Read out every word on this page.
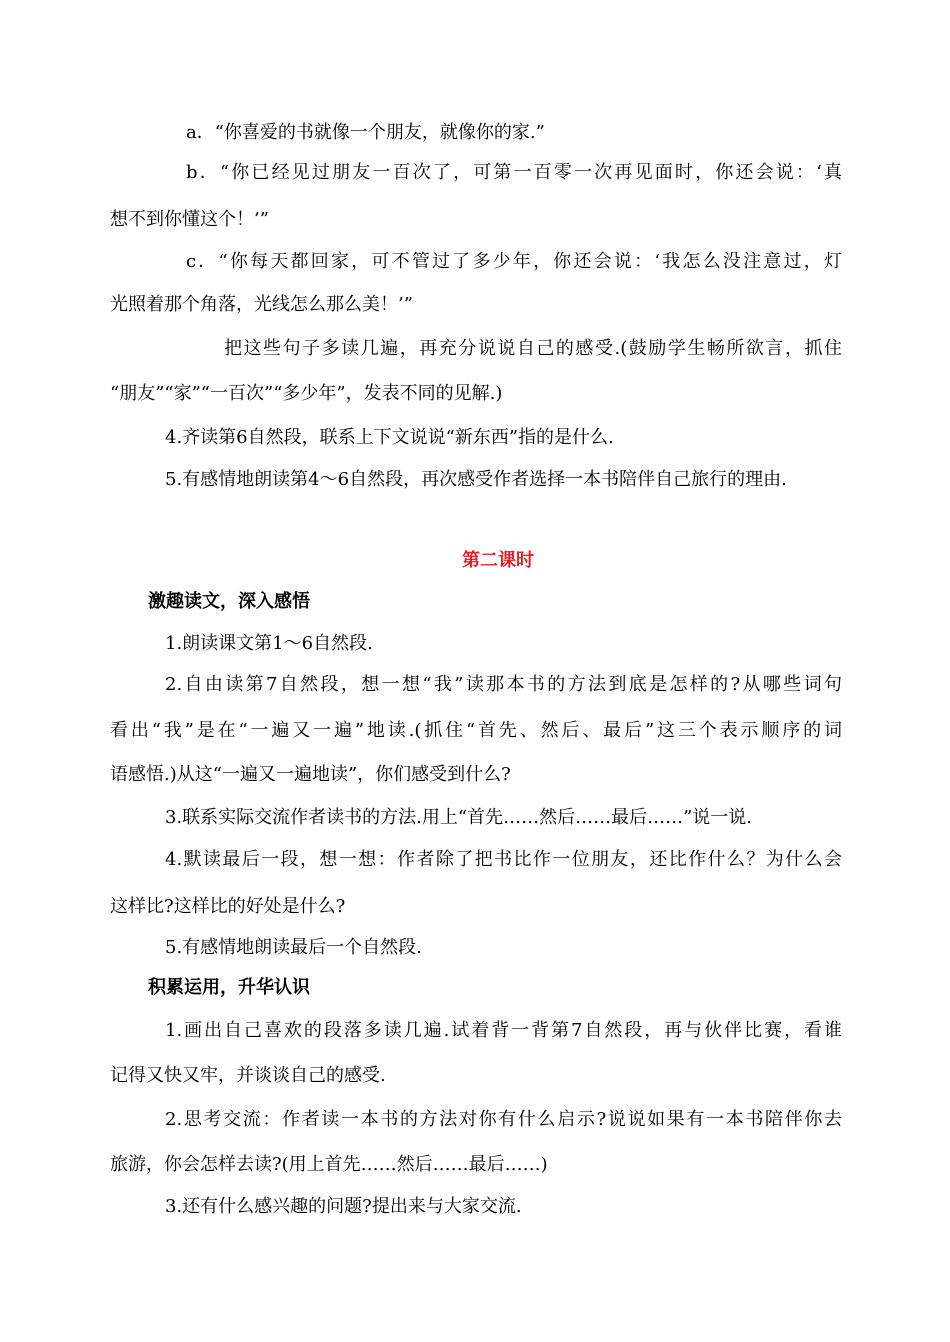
a．“你喜爱的书就像一个朋友，就像你的家.”
b．“你已经见过朋友一百次了，可第一百零一次再见面时，你还会说：‘真
想不到你懂这个！’”
c．“你每天都回家，可不管过了多少年，你还会说：‘我怎么没注意过，灯
光照着那个角落，光线怎么那么美！’”
把这些句子多读几遍，再充分说说自己的感受.(鼓励学生畅所欲言，抓住
“朋友”“家”“一百次”“多少年”，发表不同的见解.)
4.齐读第6自然段，联系上下文说说“新东西”指的是什么.
5.有感情地朗读第4～6自然段，再次感受作者选择一本书陪伴自己旅行的理由.
第二课时
激趣读文，深入感悟
1.朗读课文第1～6自然段.
2.自由读第7自然段，想一想“我”读那本书的方法到底是怎样的?从哪些词句
看出“我”是在“一遍又一遍”地读.(抓住“首先、然后、最后”这三个表示顺序的词
语感悟.)从这“一遍又一遍地读”，你们感受到什么?
3.联系实际交流作者读书的方法.用上“首先……然后……最后……”说一说.
4.默读最后一段，想一想：作者除了把书比作一位朋友，还比作什么？为什么会
这样比?这样比的好处是什么?
5.有感情地朗读最后一个自然段.
积累运用，升华认识
1.画出自己喜欢的段落多读几遍.试着背一背第7自然段，再与伙伴比赛，看谁
记得又快又牢，并谈谈自己的感受.
2.思考交流：作者读一本书的方法对你有什么启示?说说如果有一本书陪伴你去
旅游，你会怎样去读?(用上首先……然后……最后……)
3.还有什么感兴趣的问题?提出来与大家交流.
